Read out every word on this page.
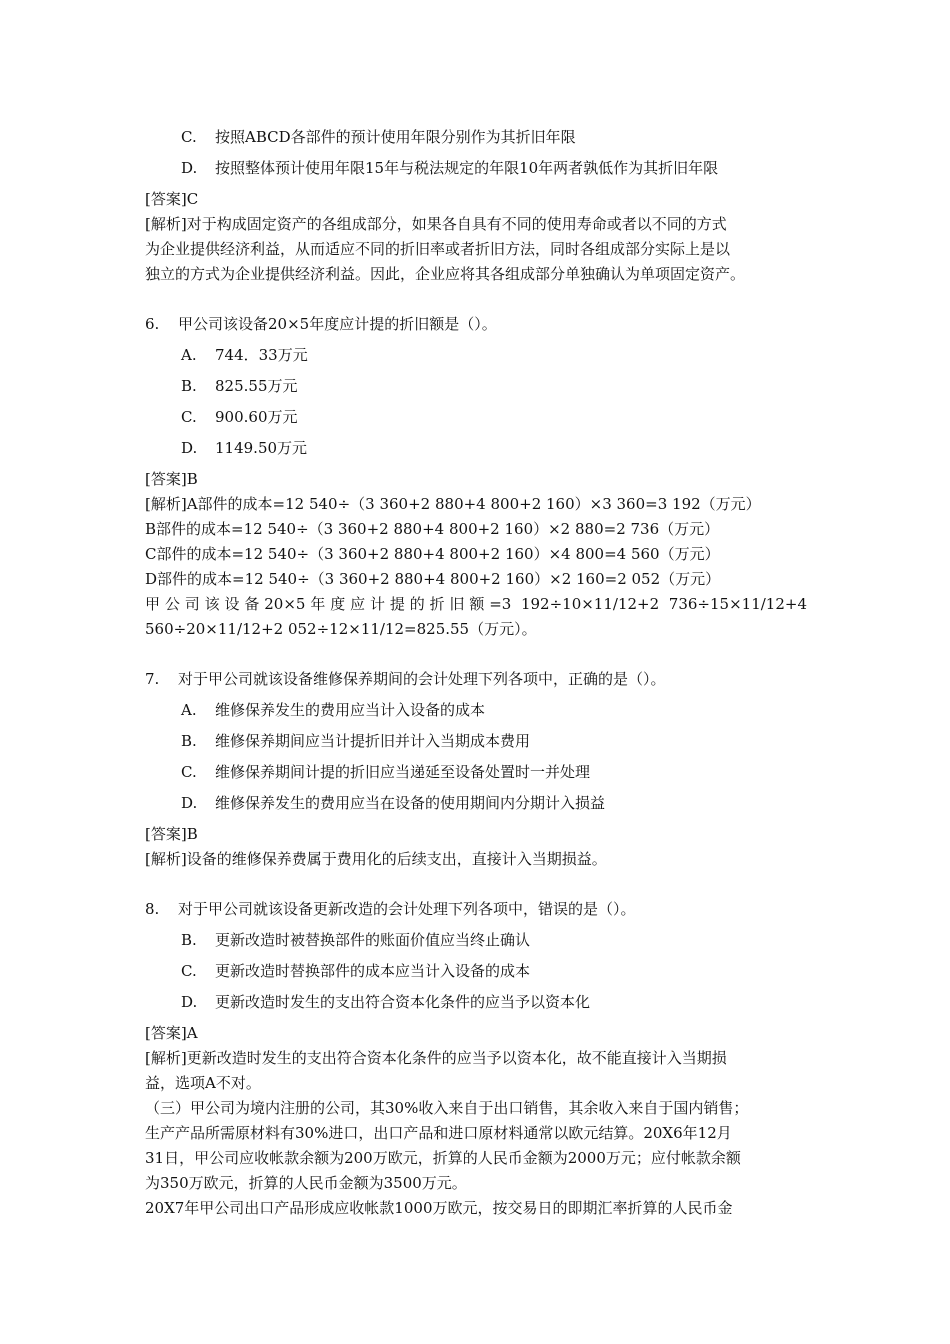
C. 按照ABCD各部件的预计使用年限分别作为其折旧年限
D. 按照整体预计使用年限15年与税法规定的年限10年两者孰低作为其折旧年限
[答案]C
[解析]对于构成固定资产的各组成部分，如果各自具有不同的使用寿命或者以不同的方式
为企业提供经济利益，从而适应不同的折旧率或者折旧方法，同时各组成部分实际上是以
独立的方式为企业提供经济利益。因此，企业应将其各组成部分单独确认为单项固定资产。
6. 甲公司该设备20×5年度应计提的折旧额是（）。
A. 744．33万元
B. 825.55万元
C. 900.60万元
D. 1149.50万元
[答案]B
[解析]A部件的成本=12 540÷（3 360+2 880+4 800+2 160）×3 360=3 192（万元）
B部件的成本=12 540÷（3 360+2 880+4 800+2 160）×2 880=2 736（万元）
C部件的成本=12 540÷（3 360+2 880+4 800+2 160）×4 800=4 560（万元）
D部件的成本=12 540÷（3 360+2 880+4 800+2 160）×2 160=2 052（万元）
甲公司该设备20×5年度应计提的折旧额=3 192÷10×11/12+2 736÷15×11/12+4
560÷20×11/12+2 052÷12×11/12=825.55（万元）。
7. 对于甲公司就该设备维修保养期间的会计处理下列各项中，正确的是（）。
A. 维修保养发生的费用应当计入设备的成本
B. 维修保养期间应当计提折旧并计入当期成本费用
C. 维修保养期间计提的折旧应当递延至设备处置时一并处理
D. 维修保养发生的费用应当在设备的使用期间内分期计入损益
[答案]B
[解析]设备的维修保养费属于费用化的后续支出，直接计入当期损益。
8. 对于甲公司就该设备更新改造的会计处理下列各项中，错误的是（）。
B. 更新改造时被替换部件的账面价值应当终止确认
C. 更新改造时替换部件的成本应当计入设备的成本
D. 更新改造时发生的支出符合资本化条件的应当予以资本化
[答案]A
[解析]更新改造时发生的支出符合资本化条件的应当予以资本化，故不能直接计入当期损
益，选项A不对。
（三）甲公司为境内注册的公司，其30%收入来自于出口销售，其余收入来自于国内销售；
生产产品所需原材料有30%进口，出口产品和进口原材料通常以欧元结算。20X6年12月
31日，甲公司应收帐款余额为200万欧元，折算的人民币金额为2000万元；应付帐款余额
为350万欧元，折算的人民币金额为3500万元。
20X7年甲公司出口产品形成应收帐款1000万欧元，按交易日的即期汇率折算的人民币金
